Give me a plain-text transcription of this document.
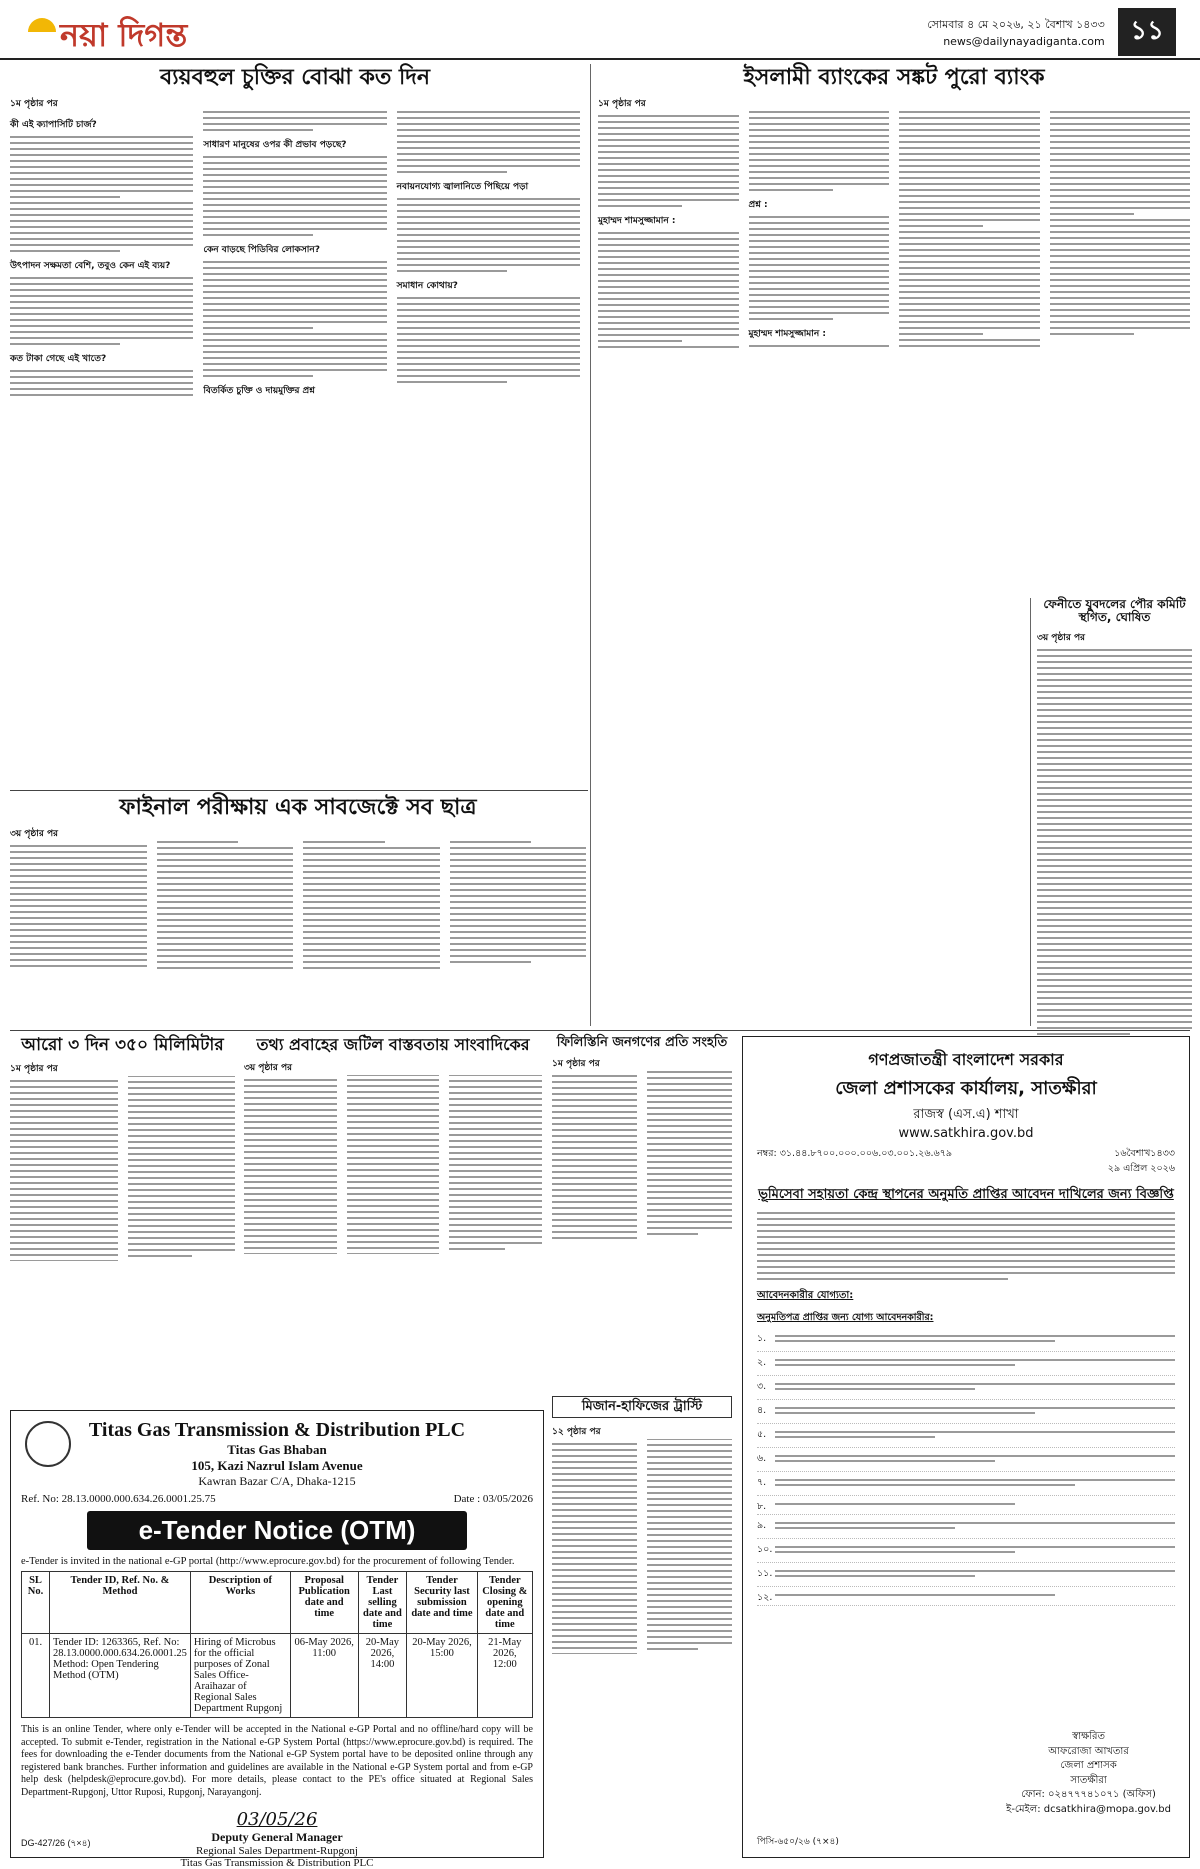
নয়া দিগন্ত	সোমবার ৪ মে ২০২৬, ২১ বৈশাখ ১৪৩৩
news@dailynayadiganta.com ১১
ব্যয়বহুল চুক্তির বোঝা কত দিন
১ম পৃষ্ঠার পর
কী এই ক্যাপাসিটি চার্জ?
উৎপাদন সক্ষমতা বেশি, তবুও কেন এই ব্যয়?
কত টাকা গেছে এই খাতে?
সাধারণ মানুষের ওপর কী প্রভাব পড়ছে?
কেন বাড়ছে পিডিবির লোকসান?
বিতর্কিত চুক্তি ও দায়মুক্তির প্রশ্ন
নবায়নযোগ্য জ্বালানিতে পিছিয়ে পড়া
সমাধান কোথায়?
ইসলামী ব্যাংকের সঙ্কট পুরো ব্যাংক
১ম পৃষ্ঠার পর
মুহাম্মদ শামসুজ্জামান :
প্রশ্ন :
মুহাম্মদ শামসুজ্জামান :
ফাইনাল পরীক্ষায় এক সাবজেক্টে সব ছাত্র
৩য় পৃষ্ঠার পর
ফেনীতে যুবদলের পৌর কমিটি স্থগিত, ঘোষিত
৩য় পৃষ্ঠার পর
আরো ৩ দিন ৩৫০ মিলিমিটার
১ম পৃষ্ঠার পর
তথ্য প্রবাহের জটিল বাস্তবতায় সাংবাদিকের
৩য় পৃষ্ঠার পর
ফিলিস্তিনি জনগণের প্রতি সংহতি
১ম পৃষ্ঠার পর
মিজান-হাফিজের ট্রাস্টি
১২ পৃষ্ঠার পর
Titas Gas Transmission & Distribution PLC
Titas Gas Bhaban
105, Kazi Nazrul Islam Avenue
Kawran Bazar C/A, Dhaka-1215
Ref. No: 28.13.0000.000.634.26.0001.25.75	Date : 03/05/2026
e-Tender Notice (OTM)
e-Tender is invited in the national e-GP portal (http://www.eprocure.gov.bd) for the procurement of following Tender.
SL No.	Tender ID, Ref. No. & Method	Description of Works	Proposal Publication date and time	Tender Last selling date and time	Tender Security last submission date and time	Tender Closing & opening date and time
01.	Tender ID: 1263365, Ref. No: 28.13.0000.000.634.26.0001.25 Method: Open Tendering Method (OTM)	Hiring of Microbus for the official purposes of Zonal Sales Office-Araihazar of Regional Sales Department Rupgonj	06-May 2026, 11:00	20-May 2026, 14:00	20-May 2026, 15:00	21-May 2026, 12:00
This is an online Tender, where only e-Tender will be accepted in the National e-GP Portal and no offline/hard copy will be accepted. To submit e-Tender, registration in the National e-GP System Portal (https://www.eprocure.gov.bd) is required. The fees for downloading the e-Tender documents from the National e-GP System portal have to be deposited online through any registered bank branches. Further information and guidelines are available in the National e-GP System portal and from e-GP help desk (helpdesk@eprocure.gov.bd). For more details, please contact to the PE's office situated at Regional Sales Department-Rupgonj, Uttor Ruposi, Rupgonj, Narayangonj.
03/05/26
Deputy General Manager
Regional Sales Department-Rupgonj
Titas Gas Transmission & Distribution PLC
DG-427/26 (৭×৪)
গণপ্রজাতন্ত্রী বাংলাদেশ সরকার
জেলা প্রশাসকের কার্যালয়, সাতক্ষীরা
রাজস্ব (এস.এ) শাখা
www.satkhira.gov.bd
নম্বর: ৩১.৪৪.৮৭০০.০০০.০০৬.০৩.০০১.২৬.৬৭৯	১৬বৈশাখ১৪৩৩
২৯ এপ্রিল ২০২৬
ভূমিসেবা সহায়তা কেন্দ্র স্থাপনের অনুমতি প্রাপ্তির আবেদন দাখিলের জন্য বিজ্ঞপ্তি
আবেদনকারীর যোগ্যতা:
অনুমতিপত্র প্রাপ্তির জন্য যোগ্য আবেদনকারীর:
১.
২.
৩.
৪.
৫.
৬.
৭.
৮.
৯.
১০.
১১.
১২.
স্বাক্ষরিত
আফরোজা আখতার
জেলা প্রশাসক
সাতক্ষীরা
ফোন: ০২৪৭৭৭৪১০৭১ (অফিস)
ই-মেইল: dcsatkhira@mopa.gov.bd
পিসি-৬৫০/২৬ (৭×৪)
